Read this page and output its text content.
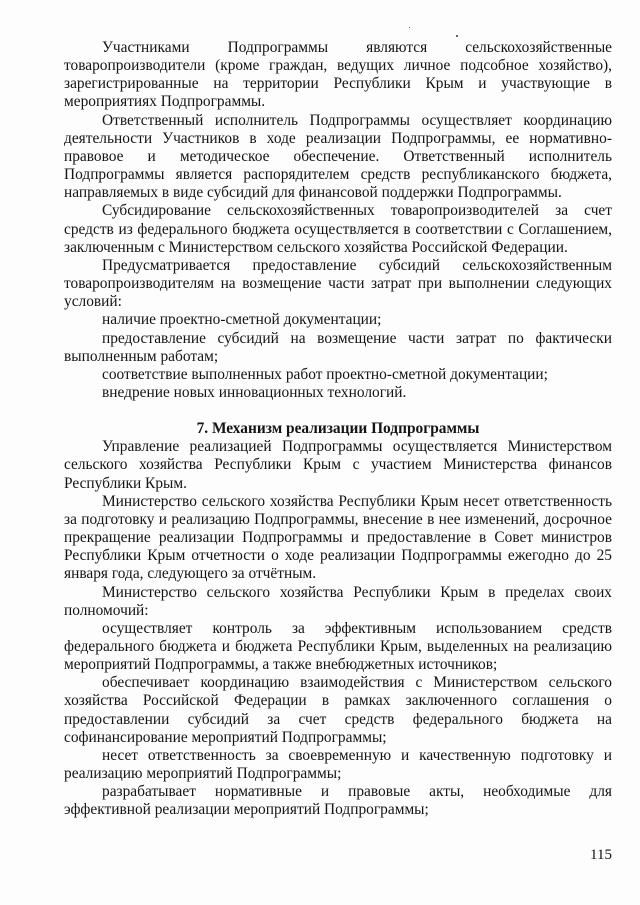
Участниками Подпрограммы являются сельскохозяйственные товаропроизводители (кроме граждан, ведущих личное подсобное хозяйство), зарегистрированные на территории Республики Крым и участвующие в мероприятиях Подпрограммы.

Ответственный исполнитель Подпрограммы осуществляет координацию деятельности Участников в ходе реализации Подпрограммы, ее нормативно-правовое и методическое обеспечение. Ответственный исполнитель Подпрограммы является распорядителем средств республиканского бюджета, направляемых в виде субсидий для финансовой поддержки Подпрограммы.

Субсидирование сельскохозяйственных товаропроизводителей за счет средств из федерального бюджета осуществляется в соответствии с Соглашением, заключенным с Министерством сельского хозяйства Российской Федерации.

Предусматривается предоставление субсидий сельскохозяйственным товаропроизводителям на возмещение части затрат при выполнении следующих условий:

наличие проектно-сметной документации;

предоставление субсидий на возмещение части затрат по фактически выполненным работам;

соответствие выполненных работ проектно-сметной документации;

внедрение новых инновационных технологий.

7. Механизм реализации Подпрограммы

Управление реализацией Подпрограммы осуществляется Министерством сельского хозяйства Республики Крым с участием Министерства финансов Республики Крым.

Министерство сельского хозяйства Республики Крым несет ответственность за подготовку и реализацию Подпрограммы, внесение в нее изменений, досрочное прекращение реализации Подпрограммы и предоставление в Совет министров Республики Крым отчетности о ходе реализации Подпрограммы ежегодно до 25 января года, следующего за отчётным.

Министерство сельского хозяйства Республики Крым в пределах своих полномочий:

осуществляет контроль за эффективным использованием средств федерального бюджета и бюджета Республики Крым, выделенных на реализацию мероприятий Подпрограммы, а также внебюджетных источников;

обеспечивает координацию взаимодействия с Министерством сельского хозяйства Российской Федерации в рамках заключенного соглашения о предоставлении субсидий за счет средств федерального бюджета на софинансирование мероприятий Подпрограммы;

несет ответственность за своевременную и качественную подготовку и реализацию мероприятий Подпрограммы;

разрабатывает нормативные и правовые акты, необходимые для эффективной реализации мероприятий Подпрограммы;

115
